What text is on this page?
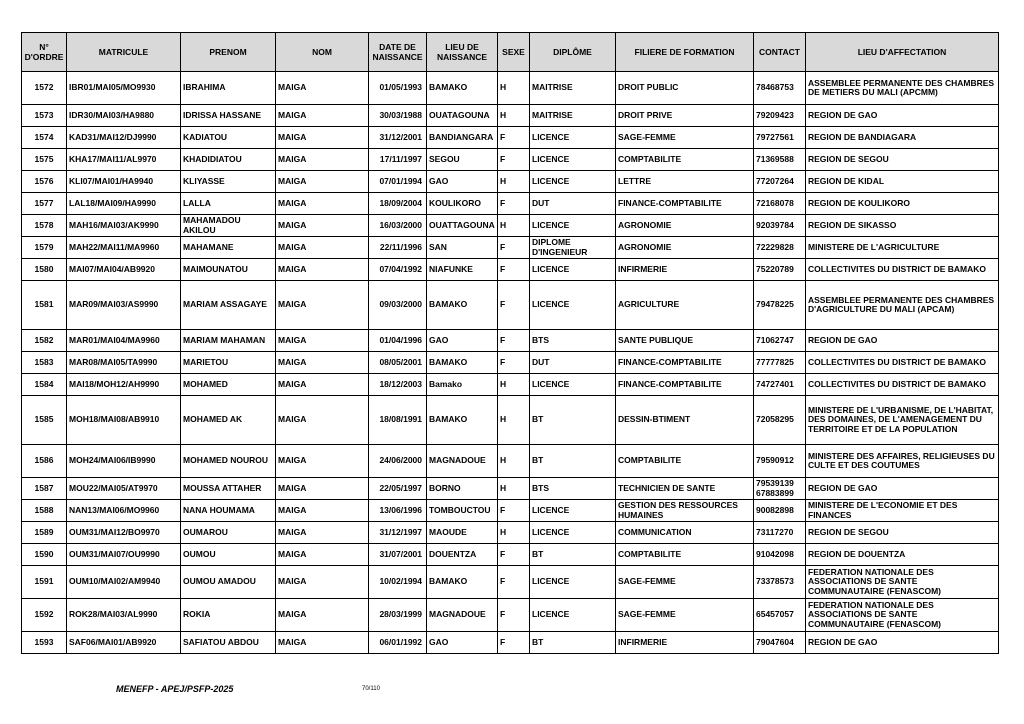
N° D'ORDRE	MATRICULE	PRENOM	NOM	DATE DE NAISSANCE	LIEU DE NAISSANCE	SEXE	DIPLÔME	FILIERE DE FORMATION	CONTACT	LIEU D'AFFECTATION
1572	IBR01/MAI05/MO9930	IBRAHIMA	MAIGA	01/05/1993	BAMAKO	H	MAITRISE	DROIT PUBLIC	78468753	ASSEMBLEE PERMANENTE DES CHAMBRES DE METIERS DU MALI (APCMM)
1573	IDR30/MAI03/HA9880	IDRISSA HASSANE	MAIGA	30/03/1988	OUATAGOUNA	H	MAITRISE	DROIT PRIVE	79209423	REGION DE GAO
1574	KAD31/MAI12/DJ9990	KADIATOU	MAIGA	31/12/2001	BANDIANGARA	F	LICENCE	SAGE-FEMME	79727561	REGION DE BANDIAGARA
1575	KHA17/MAI11/AL9970	KHADIDIATOU	MAIGA	17/11/1997	SEGOU	F	LICENCE	COMPTABILITE	71369588	REGION DE SEGOU
1576	KLI07/MAI01/HA9940	KLIYASSE	MAIGA	07/01/1994	GAO	H	LICENCE	LETTRE	77207264	REGION DE KIDAL
1577	LAL18/MAI09/HA9990	LALLA	MAIGA	18/09/2004	KOULIKORO	F	DUT	FINANCE-COMPTABILITE	72168078	REGION DE KOULIKORO
1578	MAH16/MAI03/AK9990	MAHAMADOU AKILOU	MAIGA	16/03/2000	OUATTAGOUNA	H	LICENCE	AGRONOMIE	92039784	REGION DE SIKASSO
1579	MAH22/MAI11/MA9960	MAHAMANE	MAIGA	22/11/1996	SAN	F	DIPLOME D'INGENIEUR	AGRONOMIE	72229828	MINISTERE DE L'AGRICULTURE
1580	MAI07/MAI04/AB9920	MAIMOUNATOU	MAIGA	07/04/1992	NIAFUNKE	F	LICENCE	INFIRMERIE	75220789	COLLECTIVITES DU DISTRICT DE BAMAKO
1581	MAR09/MAI03/AS9990	MARIAM ASSAGAYE	MAIGA	09/03/2000	BAMAKO	F	LICENCE	AGRICULTURE	79478225	ASSEMBLEE PERMANENTE DES CHAMBRES D'AGRICULTURE DU MALI (APCAM)
1582	MAR01/MAI04/MA9960	MARIAM MAHAMAN	MAIGA	01/04/1996	GAO	F	BTS	SANTE PUBLIQUE	71062747	REGION DE GAO
1583	MAR08/MAI05/TA9990	MARIETOU	MAIGA	08/05/2001	BAMAKO	F	DUT	FINANCE-COMPTABILITE	77777825	COLLECTIVITES DU DISTRICT DE BAMAKO
1584	MAI18/MOH12/AH9990	MOHAMED	MAIGA	18/12/2003	Bamako	H	LICENCE	FINANCE-COMPTABILITE	74727401	COLLECTIVITES DU DISTRICT DE BAMAKO
1585	MOH18/MAI08/AB9910	MOHAMED AK	MAIGA	18/08/1991	BAMAKO	H	BT	DESSIN-BTIMENT	72058295	MINISTERE DE L'URBANISME, DE L'HABITAT, DES DOMAINES, DE L'AMENAGEMENT DU TERRITOIRE ET DE LA POPULATION
1586	MOH24/MAI06/IB9990	MOHAMED NOUROU	MAIGA	24/06/2000	MAGNADOUE	H	BT	COMPTABILITE	79590912	MINISTERE DES AFFAIRES, RELIGIEUSES DU CULTE ET DES COUTUMES
1587	MOU22/MAI05/AT9970	MOUSSA ATTAHER	MAIGA	22/05/1997	BORNO	H	BTS	TECHNICIEN DE SANTE	79539139 67883899	REGION DE GAO
1588	NAN13/MAI06/MO9960	NANA HOUMAMA	MAIGA	13/06/1996	TOMBOUCTOU	F	LICENCE	GESTION DES RESSOURCES HUMAINES	90082898	MINISTERE DE L'ECONOMIE ET DES FINANCES
1589	OUM31/MAI12/BO9970	OUMAROU	MAIGA	31/12/1997	MAOUDE	H	LICENCE	COMMUNICATION	73117270	REGION DE SEGOU
1590	OUM31/MAI07/OU9990	OUMOU	MAIGA	31/07/2001	DOUENTZA	F	BT	COMPTABILITE	91042098	REGION DE DOUENTZA
1591	OUM10/MAI02/AM9940	OUMOU AMADOU	MAIGA	10/02/1994	BAMAKO	F	LICENCE	SAGE-FEMME	73378573	FEDERATION NATIONALE DES ASSOCIATIONS DE SANTE COMMUNAUTAIRE (FENASCOM)
1592	ROK28/MAI03/AL9990	ROKIA	MAIGA	28/03/1999	MAGNADOUE	F	LICENCE	SAGE-FEMME	65457057	FEDERATION NATIONALE DES ASSOCIATIONS DE SANTE COMMUNAUTAIRE (FENASCOM)
1593	SAF06/MAI01/AB9920	SAFIATOU ABDOU	MAIGA	06/01/1992	GAO	F	BT	INFIRMERIE	79047604	REGION DE GAO
MENEFP - APEJ/PSFP-2025	70/110
